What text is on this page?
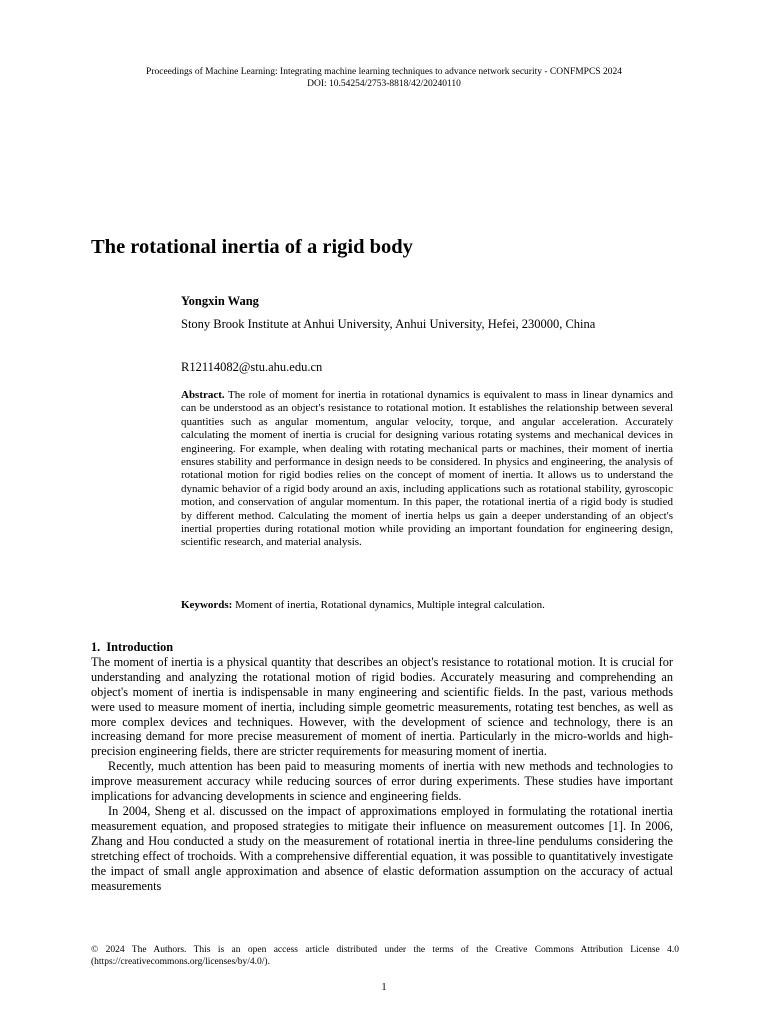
Proceedings of Machine Learning: Integrating machine learning techniques to advance network security - CONFMPCS 2024
DOI: 10.54254/2753-8818/42/20240110
The rotational inertia of a rigid body
Yongxin Wang
Stony Brook Institute at Anhui University, Anhui University, Hefei, 230000, China
R12114082@stu.ahu.edu.cn

Abstract. The role of moment for inertia in rotational dynamics is equivalent to mass in linear dynamics and can be understood as an object's resistance to rotational motion. It establishes the relationship between several quantities such as angular momentum, angular velocity, torque, and angular acceleration. Accurately calculating the moment of inertia is crucial for designing various rotating systems and mechanical devices in engineering. For example, when dealing with rotating mechanical parts or machines, their moment of inertia ensures stability and performance in design needs to be considered. In physics and engineering, the analysis of rotational motion for rigid bodies relies on the concept of moment of inertia. It allows us to understand the dynamic behavior of a rigid body around an axis, including applications such as rotational stability, gyroscopic motion, and conservation of angular momentum. In this paper, the rotational inertia of a rigid body is studied by different method. Calculating the moment of inertia helps us gain a deeper understanding of an object's inertial properties during rotational motion while providing an important foundation for engineering design, scientific research, and material analysis.

Keywords: Moment of inertia, Rotational dynamics, Multiple integral calculation.

1. Introduction

The moment of inertia is a physical quantity that describes an object's resistance to rotational motion. It is crucial for understanding and analyzing the rotational motion of rigid bodies. Accurately measuring and comprehending an object's moment of inertia is indispensable in many engineering and scientific fields. In the past, various methods were used to measure moment of inertia, including simple geometric measurements, rotating test benches, as well as more complex devices and techniques. However, with the development of science and technology, there is an increasing demand for more precise measurement of moment of inertia. Particularly in the micro-worlds and high-precision engineering fields, there are stricter requirements for measuring moment of inertia.

Recently, much attention has been paid to measuring moments of inertia with new methods and technologies to improve measurement accuracy while reducing sources of error during experiments. These studies have important implications for advancing developments in science and engineering fields.

In 2004, Sheng et al. discussed on the impact of approximations employed in formulating the rotational inertia measurement equation, and proposed strategies to mitigate their influence on measurement outcomes [1]. In 2006, Zhang and Hou conducted a study on the measurement of rotational inertia in three-line pendulums considering the stretching effect of trochoids. With a comprehensive differential equation, it was possible to quantitatively investigate the impact of small angle approximation and absence of elastic deformation assumption on the accuracy of actual measurements

© 2024 The Authors. This is an open access article distributed under the terms of the Creative Commons Attribution License 4.0 (https://creativecommons.org/licenses/by/4.0/).

1
